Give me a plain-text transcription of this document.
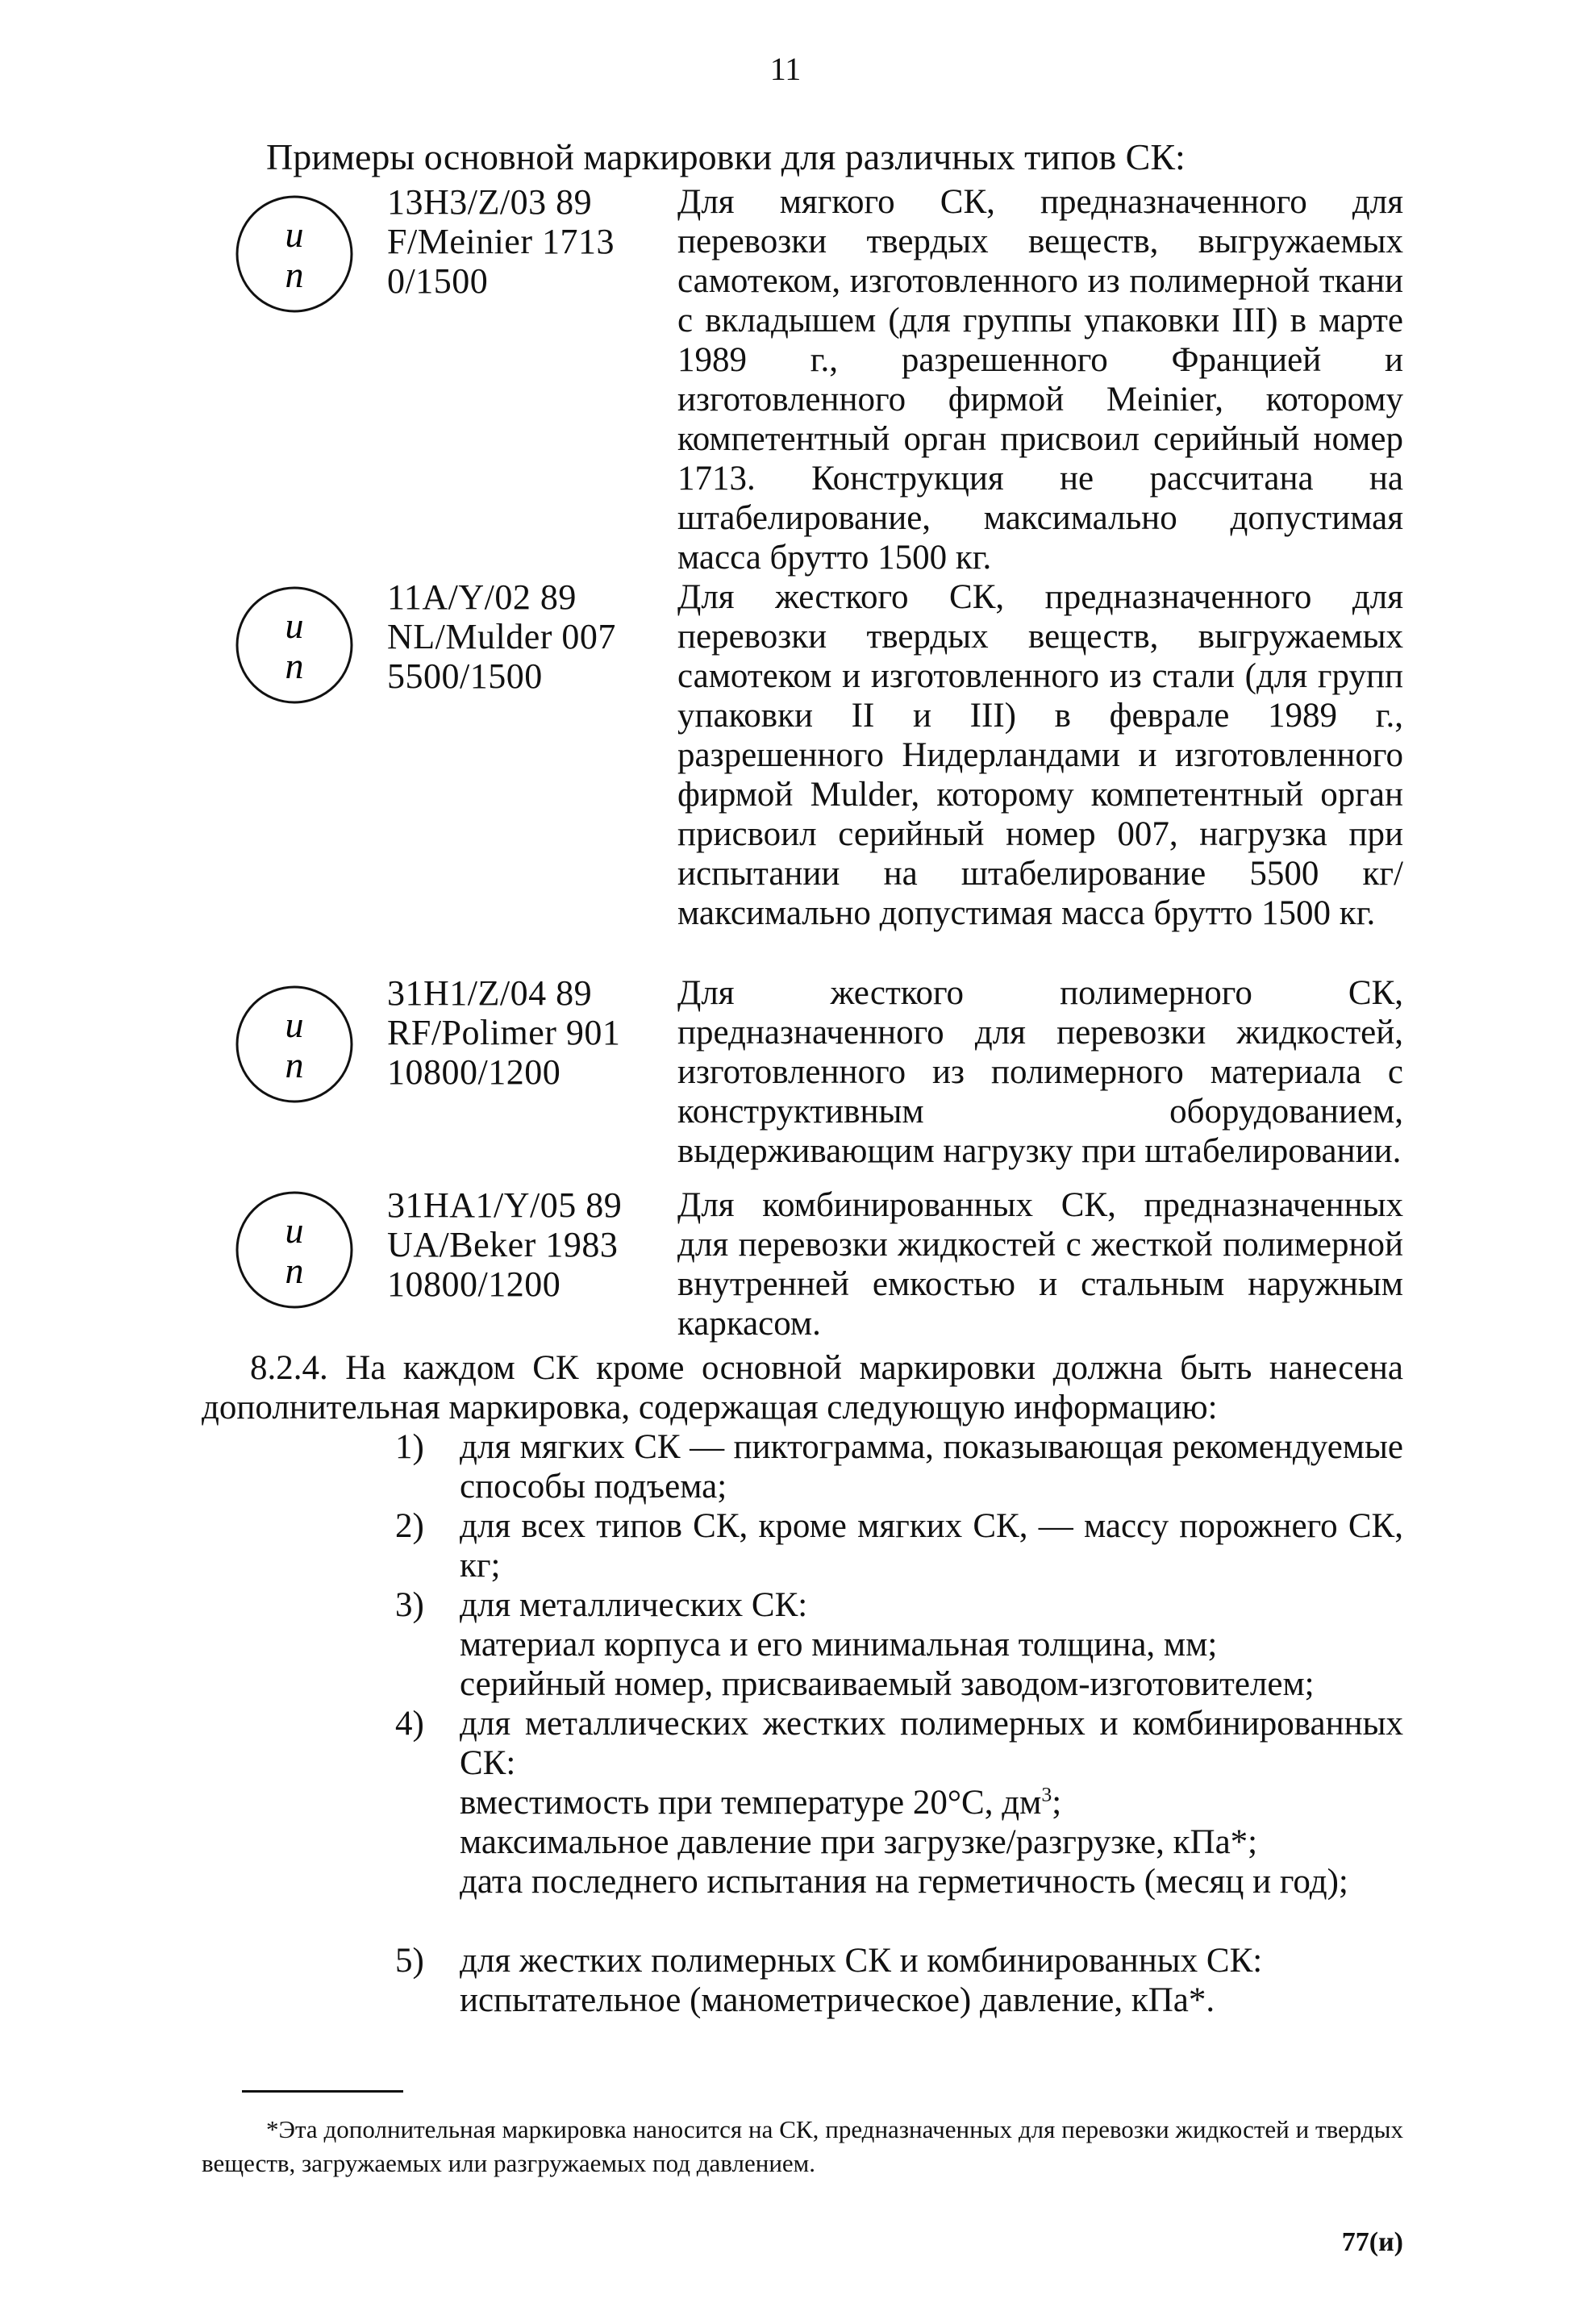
11
Примеры основной маркировки для различных типов СК:
u
n
13H3/Z/03 89
F/Meinier 1713
0/1500
Для мягкого СК, предназначенного для перевозки твердых веществ, выгружаемых самотеком, изготовленного из полимерной ткани с вкладышем (для группы упаковки III) в марте 1989 г., разрешенного Францией и изготовленного фирмой Meinier, которому компетентный орган присвоил серийный номер 1713. Конструкция не рассчитана на штабелирование, максимально допустимая масса брутто 1500 кг.
u
n
11A/Y/02 89
NL/Mulder 007
5500/1500
Для жесткого СК, предназначенного для перевозки твердых веществ, выгружаемых самотеком и изготовленного из стали (для групп упаковки II и III) в феврале 1989 г., разрешенного Нидерландами и изготовленного фирмой Mulder, которому компетентный орган присвоил серийный номер 007, нагрузка при испытании на штабелирование 5500 кг/максимально допустимая масса брутто 1500 кг.
u
n
31H1/Z/04 89
RF/Polimer 901
10800/1200
Для жесткого полимерного СК, предназначенного для перевозки жидкостей, изготовленного из полимерного материала с конструктивным оборудованием, выдерживающим нагрузку при штабелировании.
u
n
31HA1/Y/05 89
UA/Beker 1983
10800/1200
Для комбинированных СК, предназначенных для перевозки жидкостей с жесткой полимерной внутренней емкостью и стальным наружным каркасом.
8.2.4. На каждом СК кроме основной маркировки должна быть нанесена дополнительная маркировка, содержащая следующую информацию:
1) для мягких СК — пиктограмма, показывающая рекомендуемые способы подъема;
2) для всех типов СК, кроме мягких СК, — массу порожнего СК, кг;
3) для металлических СК:
материал корпуса и его минимальная толщина, мм;
серийный номер, присваиваемый заводом-изготовителем;
4) для металлических жестких полимерных и комбинированных СК:
вместимость при температуре 20°С, $дм^3$;
максимальное давление при загрузке/разгрузке, кПа*;
дата последнего испытания на герметичность (месяц и год);
5) для жестких полимерных СК и комбинированных СК:
испытательное (манометрическое) давление, кПа*.
*Эта дополнительная маркировка наносится на СК, предназначенных для перевозки жидкостей и твердых веществ, загружаемых или разгружаемых под давлением.
77(и)
